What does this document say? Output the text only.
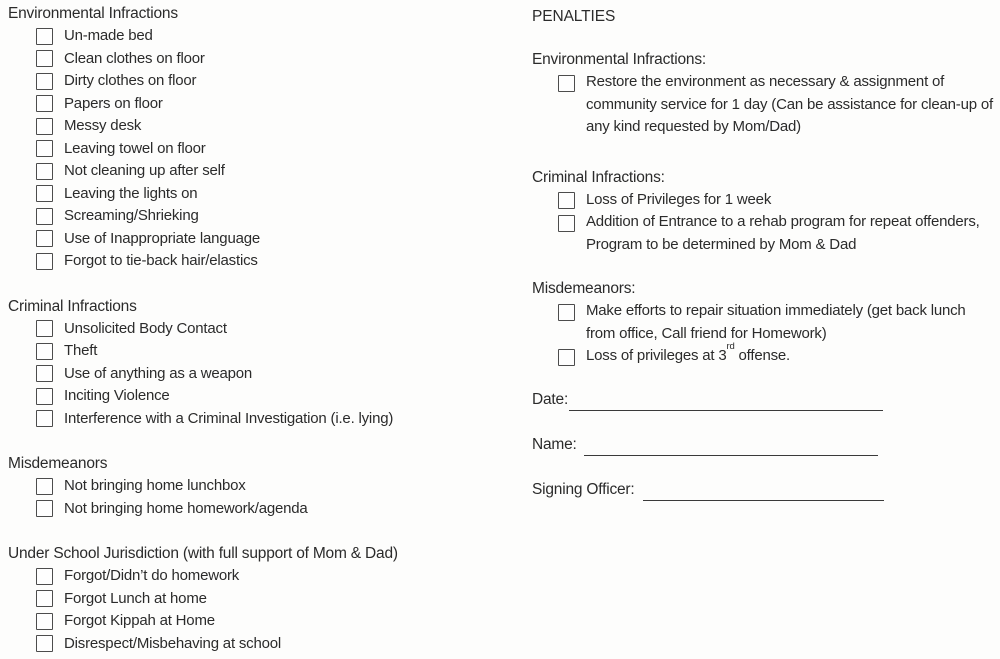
Environmental Infractions
Un-made bed
Clean clothes on floor
Dirty clothes on floor
Papers on floor
Messy desk
Leaving towel on floor
Not cleaning up after self
Leaving the lights on
Screaming/Shrieking
Use of Inappropriate language
Forgot to tie-back hair/elastics
Criminal Infractions
Unsolicited Body Contact
Theft
Use of anything as a weapon
Inciting Violence
Interference with a Criminal Investigation (i.e. lying)
Misdemeanors
Not bringing home lunchbox
Not bringing home homework/agenda
Under School Jurisdiction (with full support of Mom & Dad)
Forgot/Didn’t do homework
Forgot Lunch at home
Forgot Kippah at Home
Disrespect/Misbehaving at school
PENALTIES
Environmental Infractions:
Restore the environment as necessary & assignment of community service for 1 day (Can be assistance for clean-up of any kind requested by Mom/Dad)
Criminal Infractions:
Loss of Privileges for 1 week
Addition of Entrance to a rehab program for repeat offenders, Program to be determined by Mom & Dad
Misdemeanors:
Make efforts to repair situation immediately (get back lunch from office, Call friend for Homework)
Loss of privileges at 3rd offense.
Date:
Name:
Signing Officer:
